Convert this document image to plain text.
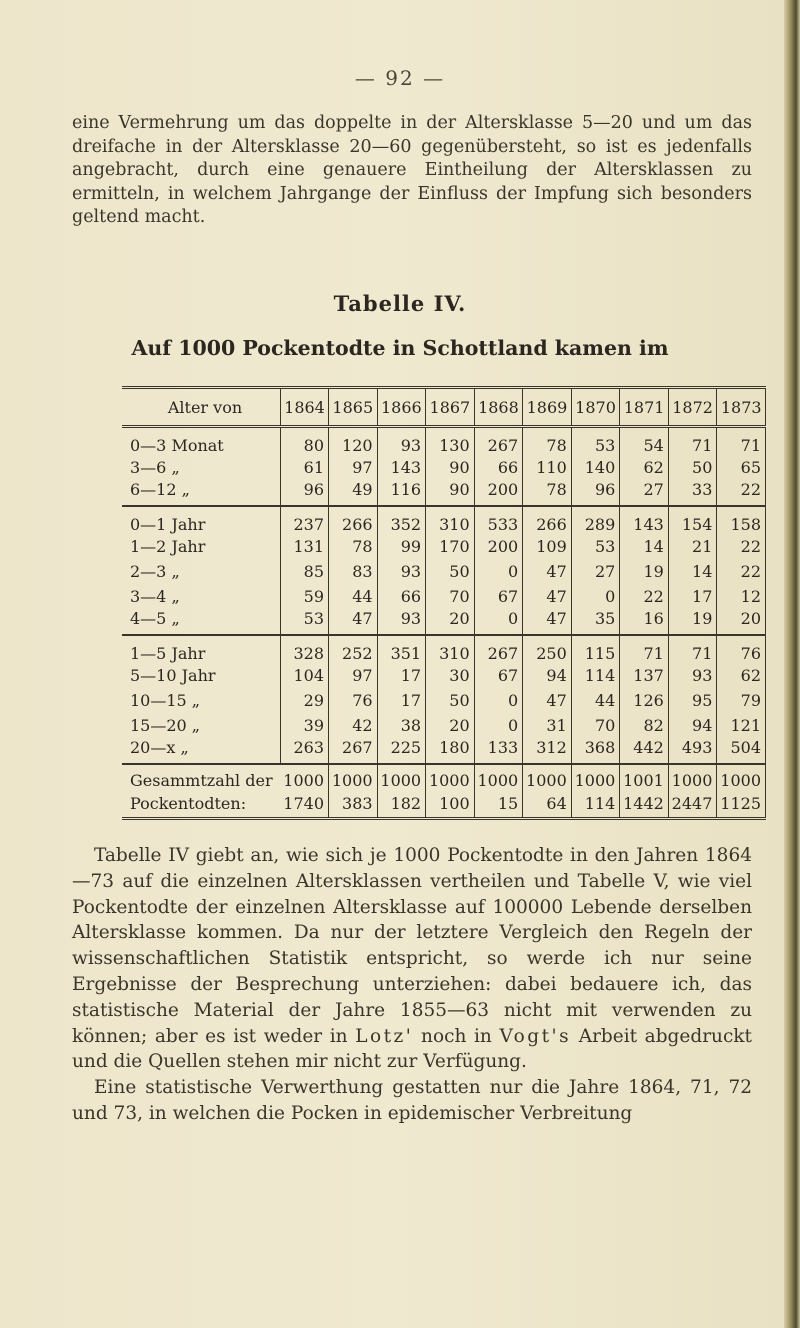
— 92 —
eine Vermehrung um das doppelte in der Altersklasse 5—20 und um das dreifache in der Altersklasse 20—60 gegenübersteht, so ist es jedenfalls angebracht, durch eine genauere Eintheilung der Altersklassen zu ermitteln, in welchem Jahrgange der Einfluss der Impfung sich besonders geltend macht.
Tabelle IV.
Auf 1000 Pockentodte in Schottland kamen im
Alter von	1864	1865	1866	1867	1868	1869	1870	1871	1872	1873
0—3 Monat	80	120	93	130	267	78	53	54	71	71
3—6 „	61	97	143	90	66	110	140	62	50	65
6—12 „	96	49	116	90	200	78	96	27	33	22
0—1 Jahr	237	266	352	310	533	266	289	143	154	158
1—2 Jahr	131	78	99	170	200	109	53	14	21	22
2—3 „	85	83	93	50	0	47	27	19	14	22
3—4 „	59	44	66	70	67	47	0	22	17	12
4—5 „	53	47	93	20	0	47	35	16	19	20
1—5 Jahr	328	252	351	310	267	250	115	71	71	76
5—10 Jahr	104	97	17	30	67	94	114	137	93	62
10—15 „	29	76	17	50	0	47	44	126	95	79
15—20 „	39	42	38	20	0	31	70	82	94	121
20—x „	263	267	225	180	133	312	368	442	493	504
Gesammtzahl der	1000	1000	1000	1000	1000	1000	1000	1001	1000	1000
Pockentodten:	1740	383	182	100	15	64	114	1442	2447	1125
Tabelle IV giebt an, wie sich je 1000 Pockentodte in den Jahren 1864—73 auf die einzelnen Altersklassen vertheilen und Tabelle V, wie viel Pockentodte der einzelnen Altersklasse auf 100000 Lebende derselben Altersklasse kommen. Da nur der letztere Vergleich den Regeln der wissenschaftlichen Statistik entspricht, so werde ich nur seine Ergebnisse der Besprechung unterziehen: dabei bedauere ich, das statistische Material der Jahre 1855—63 nicht mit verwenden zu können; aber es ist weder in Lotz' noch in Vogt's Arbeit abgedruckt und die Quellen stehen mir nicht zur Verfügung.
Eine statistische Verwerthung gestatten nur die Jahre 1864, 71, 72 und 73, in welchen die Pocken in epidemischer Verbreitung
